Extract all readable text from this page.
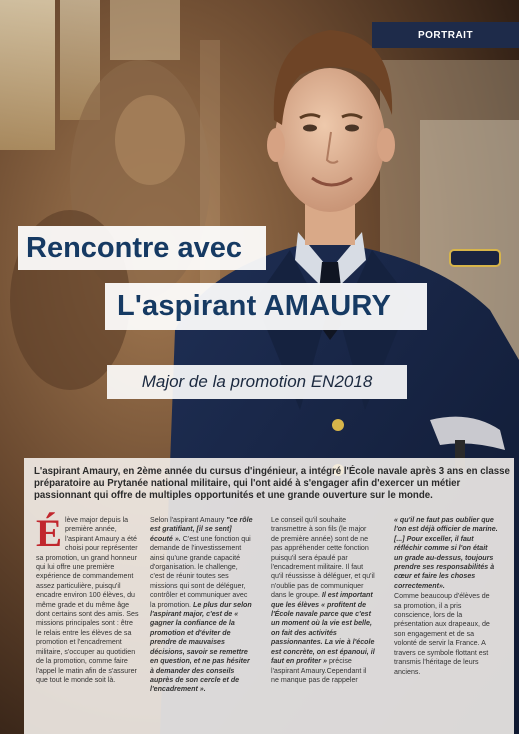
PORTRAIT
Rencontre avec
L'aspirant AMAURY
Major de la promotion EN2018
L'aspirant Amaury, en 2ème année du cursus d'ingénieur, a intégré l'École navale après 3 ans en classe préparatoire au Prytanée national militaire, qui l'ont aidé à s'engager afin d'exercer un métier passionnant qui offre de multiples opportunités et une grande ouverture sur le monde.
Élève major depuis la première année, l'aspirant Amaury a été choisi pour représenter sa promotion, un grand honneur qui lui offre une première expérience de commandement assez particulière, puisqu'il encadre environ 100 élèves, du même grade et du même âge dont certains sont des amis. Ses missions principales sont : être le relais entre les élèves de sa promotion et l'encadrement militaire, s'occuper au quotidien de la promotion, comme faire l'appel le matin afin de s'assurer que tout le monde soit là.
Selon l'aspirant Amaury "ce rôle est gratifiant, [il se sent] écouté ». C'est une fonction qui demande de l'investissement ainsi qu'une grande capacité d'organisation. le challenge, c'est de réunir toutes ses missions qui sont de déléguer, contrôler et communiquer avec la promotion. Le plus dur selon l'aspirant major, c'est de « gagner la confiance de la promotion et d'éviter de prendre de mauvaises décisions, savoir se remettre en question, et ne pas hésiter à demander des conseils auprès de son cercle et de l'encadrement ».
Le conseil qu'il souhaite transmettre à son fils (le major de première année) sont de ne pas appréhender cette fonction puisqu'il sera épaulé par l'encadrement militaire. Il faut qu'il réussisse à déléguer, et qu'il n'oublie pas de communiquer dans le groupe. Il est important que les élèves « profitent de l'École navale parce que c'est un moment où la vie est belle, on fait des activités passionnantes. La vie à l'école est concrète, on est épanoui, il faut en profiter » précise l'aspirant Amaury.Cependant il ne manque pas de rappeler

« qu'il ne faut pas oublier que l'on est déjà officier de marine. [...] Pour exceller, il faut réfléchir comme si l'on était un grade au-dessus, toujours prendre ses responsabilités à cœur et faire les choses correctement».

Comme beaucoup d'élèves de sa promotion, il a pris conscience, lors de la présentation aux drapeaux, de son engagement et de sa volonté de servir la France. A travers ce symbole flottant est transmis l'héritage de leurs anciens.
